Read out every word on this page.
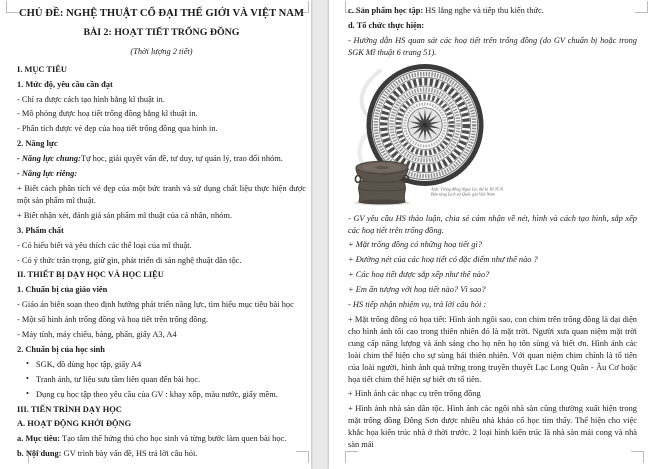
CHỦ ĐỀ: NGHỆ THUẬT CỔ ĐẠI THẾ GIỚI VÀ VIỆT NAM

BÀI 2: HOẠT TIẾT TRỐNG ĐỒNG

(Thời lượng 2 tiết)

I. MỤC TIÊU

1. Mức độ, yêu cầu cần đạt

- Chỉ ra được cách tạo hình bằng kĩ thuật in.

- Mô phỏng được hoạ tiết trống đồng bằng kĩ thuật in.

- Phân tích được vẻ đẹp của hoạ tiết trống đồng qua hình in.

2. Năng lực

- Năng lực chung:Tự học, giải quyết vấn đề, tư duy, tự quản lý, trao đổi nhóm.

- Năng lực riêng:

+ Biết cách phân tích vẻ đẹp của một bức tranh và sử dụng chất liệu thực hiện được một sản phẩm mĩ thuật.

+ Biết nhận xét, đánh giá sản phẩm mĩ thuật của cá nhân, nhóm.

3. Phẩm chất

- Có hiểu biết và yêu thích các thể loại của mĩ thuật.

- Có ý thức trân trọng, giữ gìn, phát triển di sản nghệ thuật dân tộc.

II. THIẾT BỊ DẠY HỌC VÀ HỌC LIỆU

1. Chuẩn bị của giáo viên

- Giáo án biên soạn theo định hướng phát triển năng lực, tìm hiểu mục tiêu bài học

- Một số hình ảnh trống đồng và hoạ tiết trên trống đồng.

- Máy tính, máy chiếu, bảng, phấn, giấy A3, A4

2. Chuẩn bị của học sinh

• SGK, đồ dùng học tập, giấy A4

• Tranh ảnh, tư liệu sưu tầm liên quan đến bài học.

• Dụng cụ học tập theo yêu cầu của GV : khay xốp, màu nước, giấy mềm.

III. TIẾN TRÌNH DẠY HỌC

A. HOẠT ĐỘNG KHỞI ĐỘNG

a. Mục tiêu: Tạo tâm thế hứng thú cho học sinh và từng bước làm quen bài học.

b. Nội dung: GV trình bày vấn đề, HS trả lời câu hỏi.

c. Sản phẩm học tập: HS lắng nghe và tiếp thu kiến thức.

d. Tổ chức thực hiện:

- Hướng dẫn HS quan sát các hoạ tiết trên trống đồng (do GV chuẩn bị hoặc trong SGK Mĩ thuật 6 trang 51).

Ảnh: Trống đồng Ngọc Lũ, thế kỉ III TCN
Bảo tàng Lịch sử Quốc gia Việt Nam

- GV yêu cầu HS thảo luận, chia sẻ cảm nhận về nét, hình và cách tạo hình, sắp xếp các hoạ tiết trên trống đồng.

+ Mặt trống đồng có những hoạ tiết gì?

+ Đường nét của các hoạ tiết có đặc điểm như thế nào ?

+ Các hoạ tiết được sắp xếp như thế nào?

+ Em ấn tượng với hoạ tiết nào? Vì sao?

- HS tiếp nhận nhiệm vụ, trả lời câu hỏi :

+ Mặt trống đồng có họa tiết: Hình ảnh ngôi sao, con chim trên trống đồng là đại diện cho hình ảnh tối cao trong thiên nhiên đó là mặt trời. Người xưa quan niệm mặt trời cung cấp năng lượng và ánh sáng cho họ nên họ tôn sùng và biết ơn. Hình ảnh các loài chim thể hiện cho sự sùng bái thiên nhiên. Với quan niệm chim chính là tổ tiên của loài người, hình ảnh quả trứng trong truyền thuyết Lạc Long Quân - Âu Cơ hoặc họa tiết chim thể hiện sự biết ơn tổ tiên.

+ Hình ảnh các nhạc cụ trên trống đồng

+ Hình ảnh nhà sàn dân tộc. Hình ảnh các ngôi nhà sàn cũng thường xuất hiện trong mặt trống đồng Đông Sơn được nhiều nhà khảo cổ học tìm thấy. Thể hiện cho việc khắc họa kiến trúc nhà ở thời trước. 2 loại hình kiến trúc là nhà sàn mái cong và nhà sàn mái
